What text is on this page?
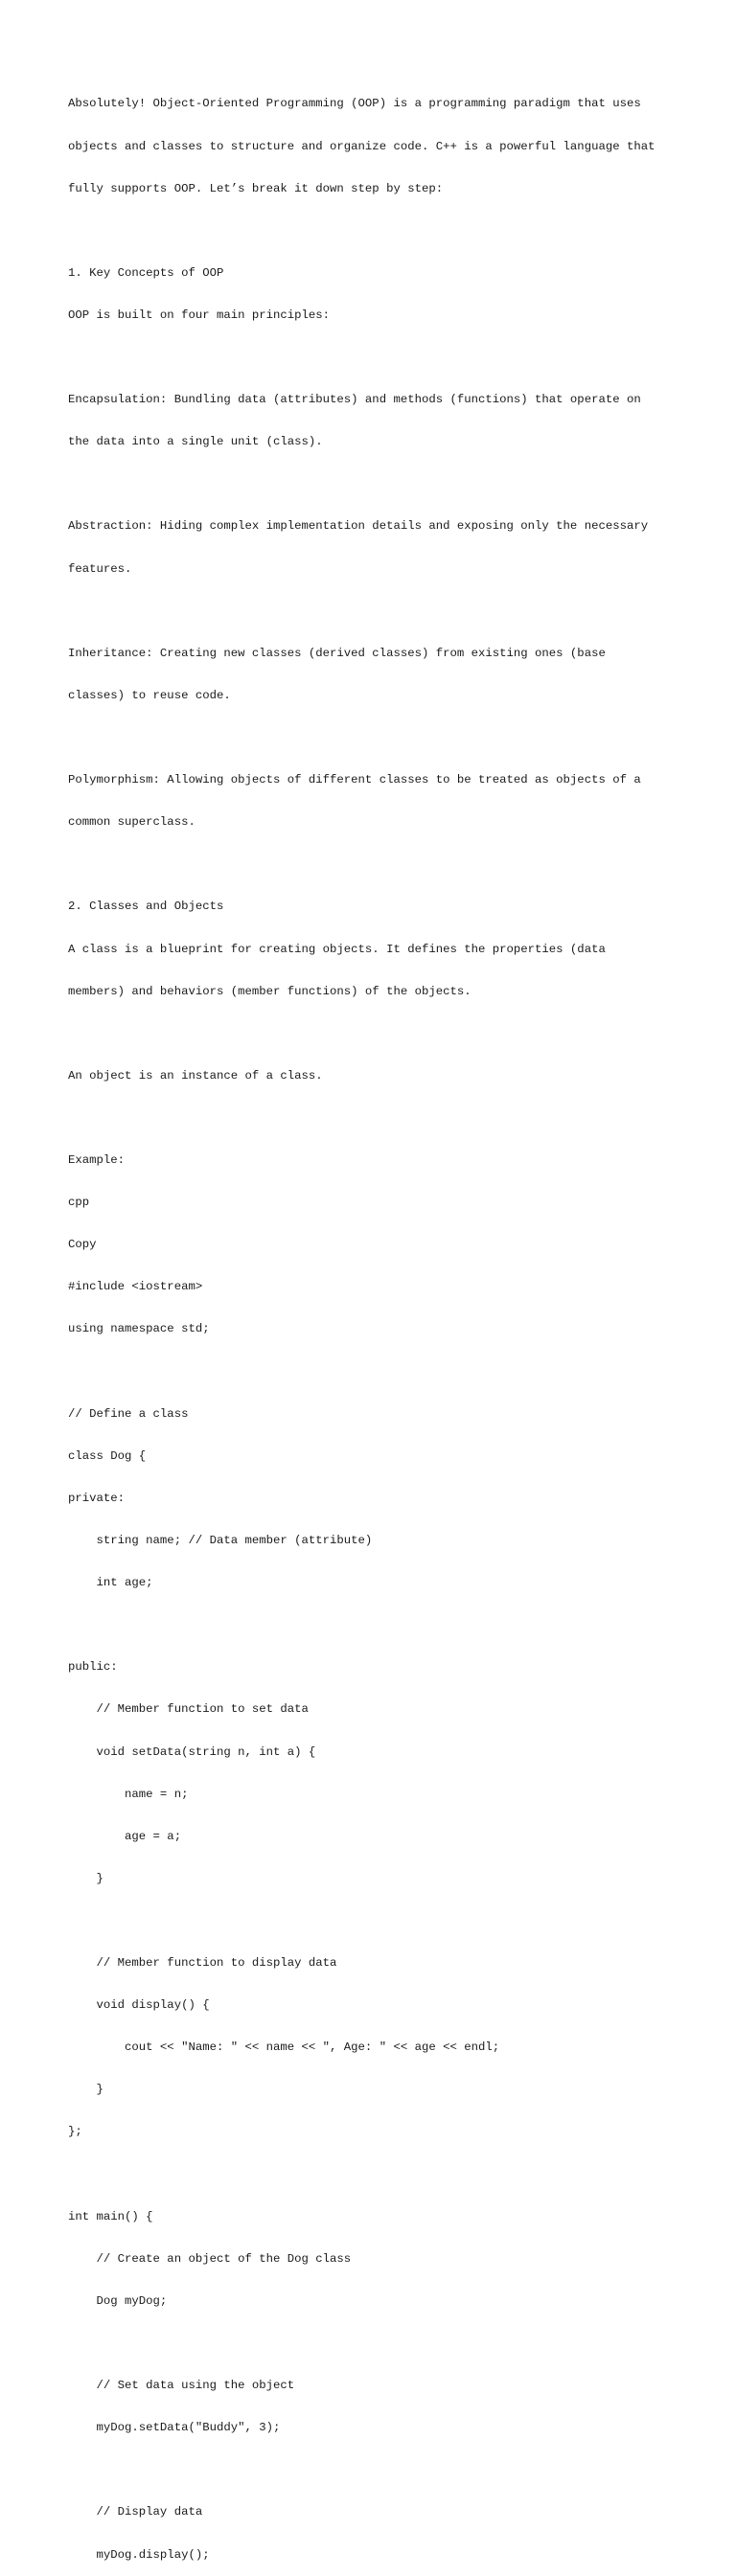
Absolutely! Object-Oriented Programming (OOP) is a programming paradigm that uses

objects and classes to structure and organize code. C++ is a powerful language that

fully supports OOP. Let’s break it down step by step:

1. Key Concepts of OOP

OOP is built on four main principles:

Encapsulation: Bundling data (attributes) and methods (functions) that operate on

the data into a single unit (class).

Abstraction: Hiding complex implementation details and exposing only the necessary

features.

Inheritance: Creating new classes (derived classes) from existing ones (base

classes) to reuse code.

Polymorphism: Allowing objects of different classes to be treated as objects of a

common superclass.

2. Classes and Objects

A class is a blueprint for creating objects. It defines the properties (data

members) and behaviors (member functions) of the objects.

An object is an instance of a class.

Example:

cpp

Copy

#include <iostream>

using namespace std;

// Define a class

class Dog {

private:

string name; // Data member (attribute)

int age;

public:

// Member function to set data

void setData(string n, int a) {

name = n;

age = a;

}

// Member function to display data

void display() {

cout << "Name: " << name << ", Age: " << age << endl;

}

};

int main() {

// Create an object of the Dog class

Dog myDog;

// Set data using the object

myDog.setData("Buddy", 3);

// Display data

myDog.display();
